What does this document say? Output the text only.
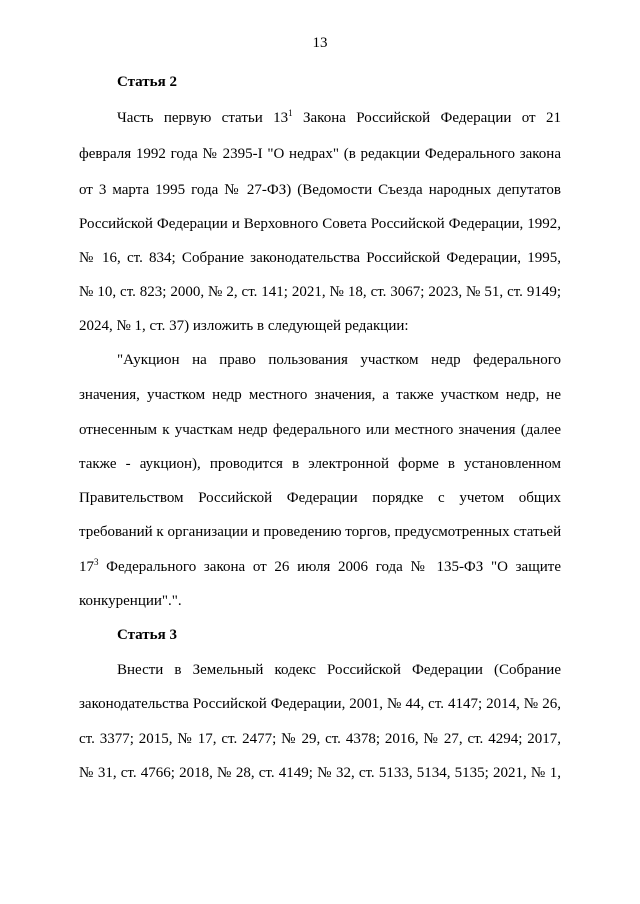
13
Статья 2
Часть первую статьи $13^1$ Закона Российской Федерации от 21
февраля 1992 года № 2395-I "О недрах" (в редакции Федерального закона
от 3 марта 1995 года № 27-ФЗ) (Ведомости Съезда народных депутатов
Российской Федерации и Верховного Совета Российской Федерации, 1992,
№ 16, ст. 834; Собрание законодательства Российской Федерации, 1995,
№ 10, ст. 823; 2000, № 2, ст. 141; 2021, № 18, ст. 3067; 2023, № 51, ст. 9149;
2024, № 1, ст. 37) изложить в следующей редакции:
"Аукцион на право пользования участком недр федерального
значения, участком недр местного значения, а также участком недр, не
отнесенным к участкам недр федерального или местного значения (далее
также - аукцион), проводится в электронной форме в установленном
Правительством Российской Федерации порядке с учетом общих
требований к организации и проведению торгов, предусмотренных статьей
$17^3$ Федерального закона от 26 июля 2006 года № 135-ФЗ "О защите
конкуренции".".
Статья 3
Внести в Земельный кодекс Российской Федерации (Собрание
законодательства Российской Федерации, 2001, № 44, ст. 4147; 2014, № 26,
ст. 3377; 2015, № 17, ст. 2477; № 29, ст. 4378; 2016, № 27, ст. 4294; 2017,
№ 31, ст. 4766; 2018, № 28, ст. 4149; № 32, ст. 5133, 5134, 5135; 2021, № 1,
